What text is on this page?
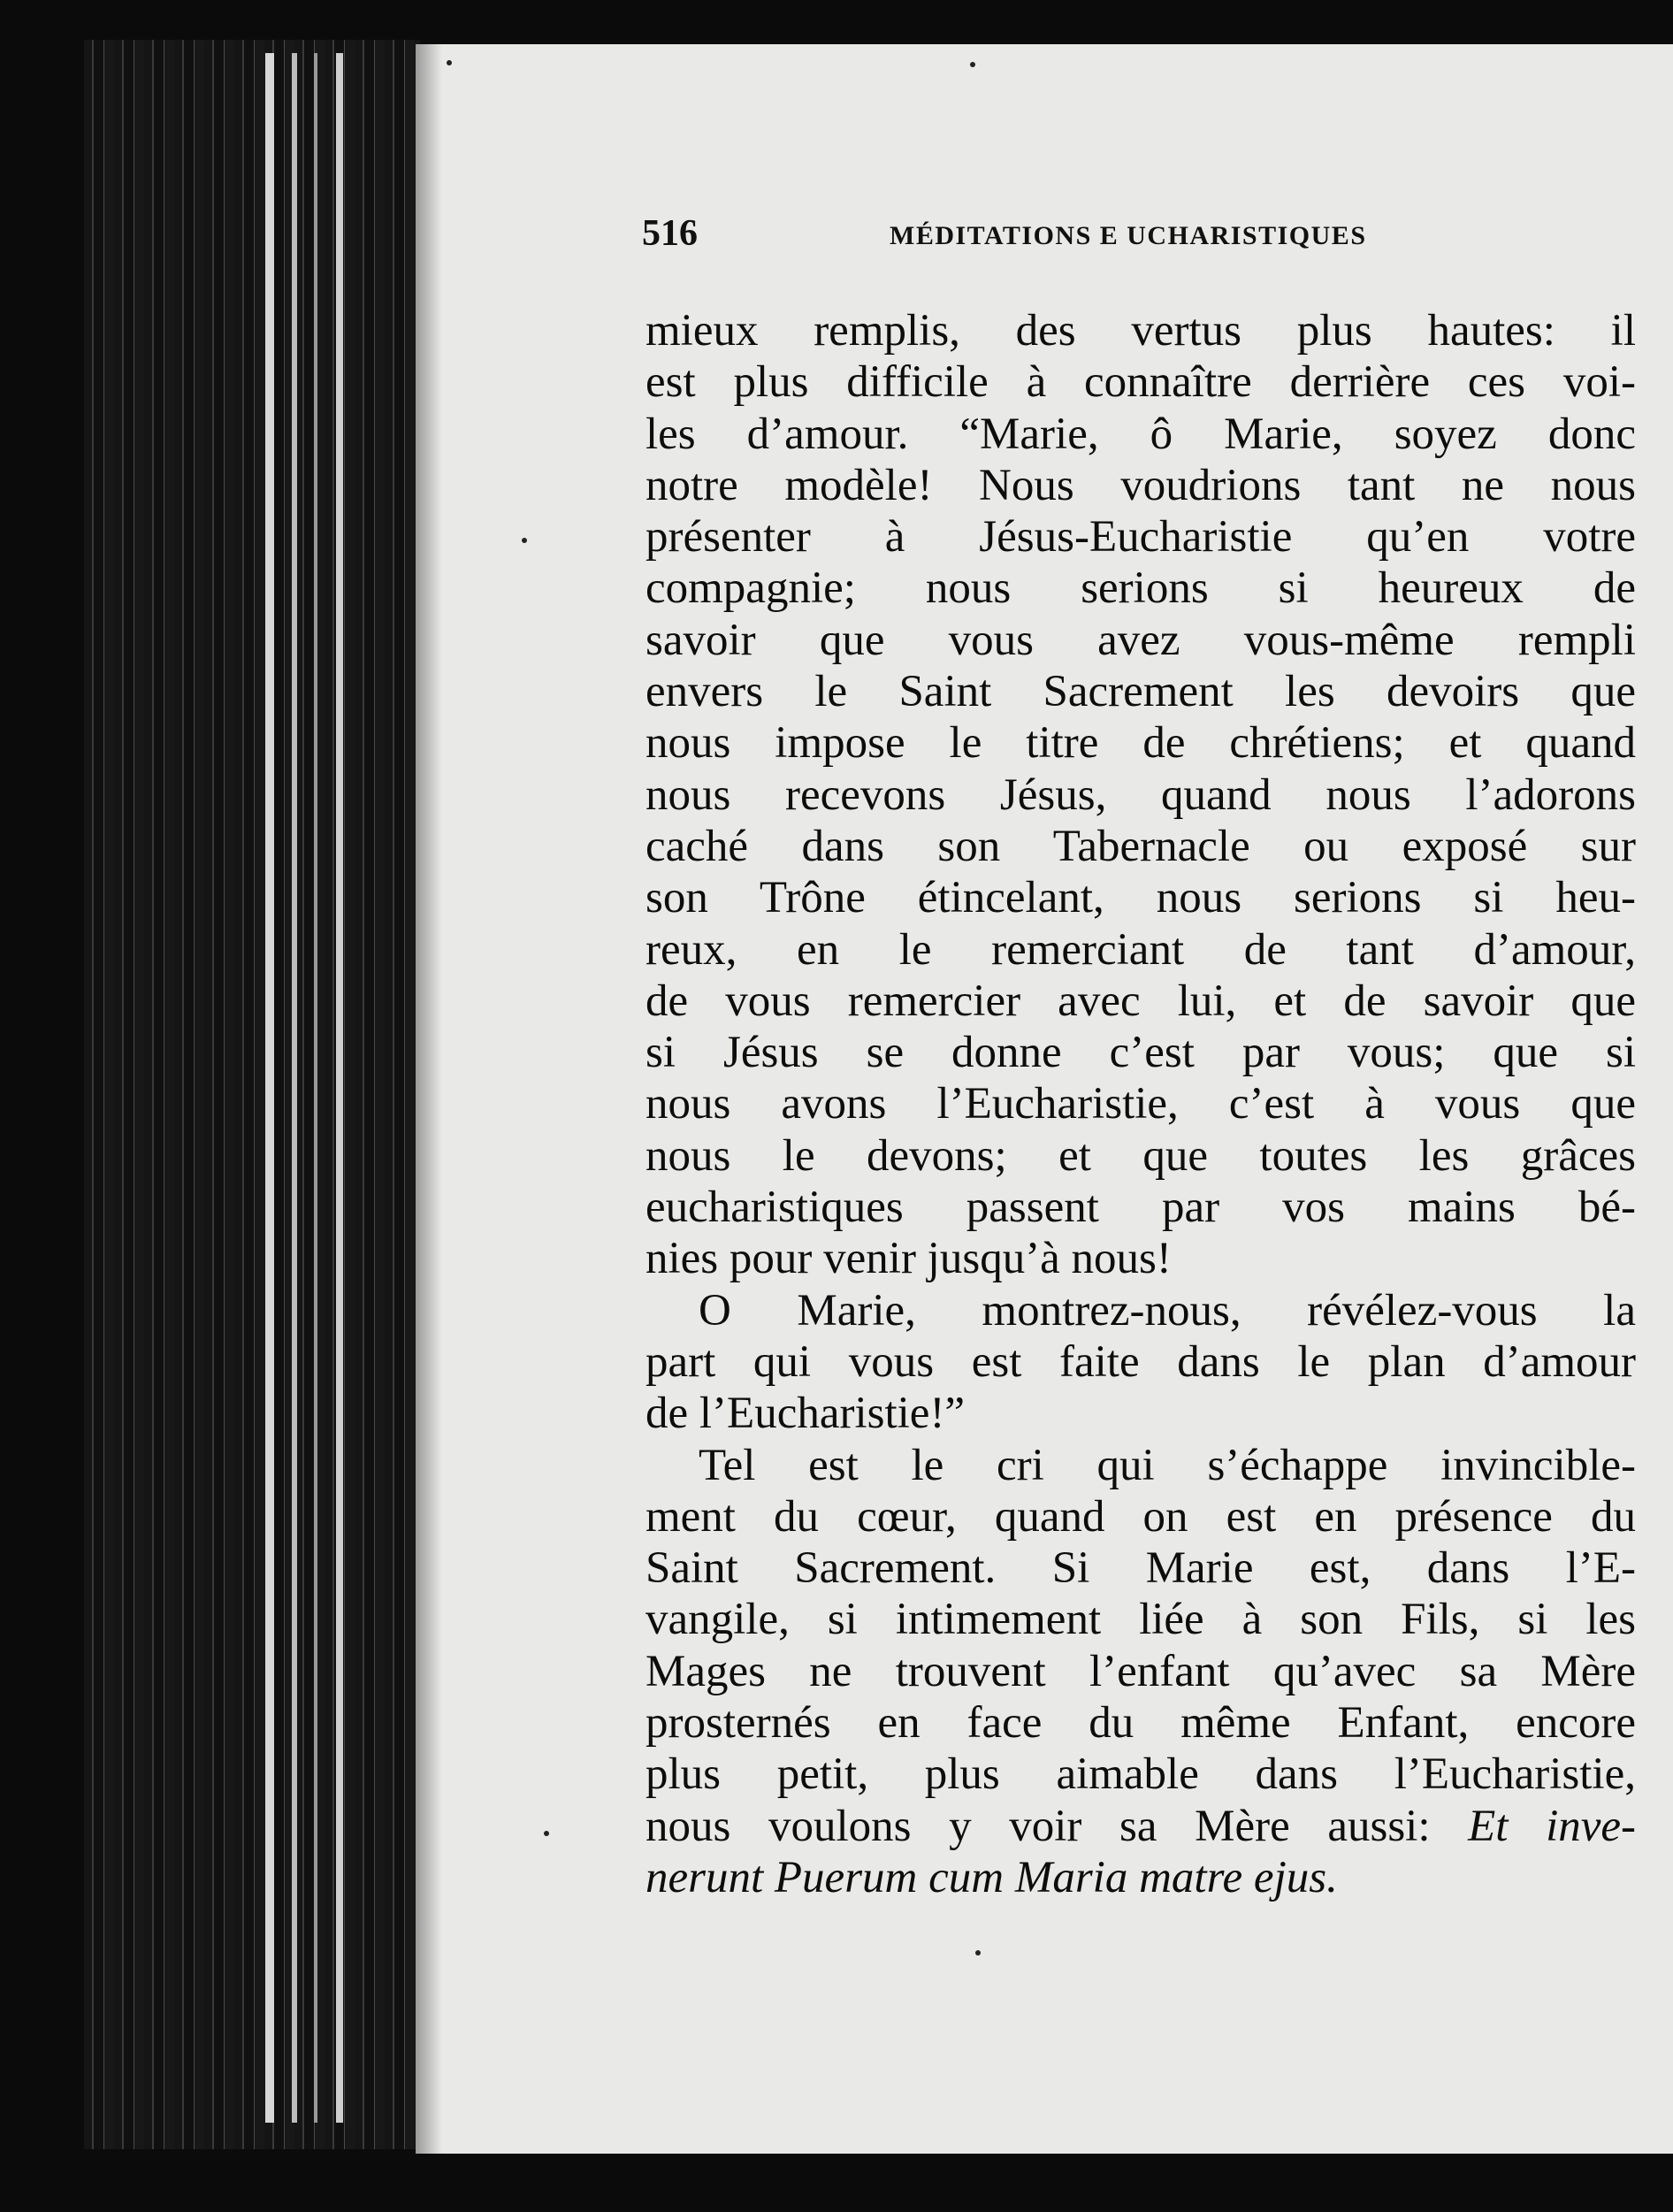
516	MÉDITATIONS E UCHARISTIQUES
mieux remplis, des vertus plus hautes: il
est plus difficile à connaître derrière ces voi-
les d’amour. “Marie, ô Marie, soyez donc
notre modèle! Nous voudrions tant ne nous
présenter à Jésus-Eucharistie qu’en votre
compagnie; nous serions si heureux de
savoir que vous avez vous-même rempli
envers le Saint Sacrement les devoirs que
nous impose le titre de chrétiens; et quand
nous recevons Jésus, quand nous l’adorons
caché dans son Tabernacle ou exposé sur
son Trône étincelant, nous serions si heu-
reux, en le remerciant de tant d’amour,
de vous remercier avec lui, et de savoir que
si Jésus se donne c’est par vous; que si
nous avons l’Eucharistie, c’est à vous que
nous le devons; et que toutes les grâces
eucharistiques passent par vos mains bé-
nies pour venir jusqu’à nous!
O Marie, montrez-nous, révélez-vous la
part qui vous est faite dans le plan d’amour
de l’Eucharistie!”
Tel est le cri qui s’échappe invincible-
ment du cœur, quand on est en présence du
Saint Sacrement. Si Marie est, dans l’E-
vangile, si intimement liée à son Fils, si les
Mages ne trouvent l’enfant qu’avec sa Mère
prosternés en face du même Enfant, encore
plus petit, plus aimable dans l’Eucharistie,
nous voulons y voir sa Mère aussi: Et inve-
nerunt Puerum cum Maria matre ejus.
